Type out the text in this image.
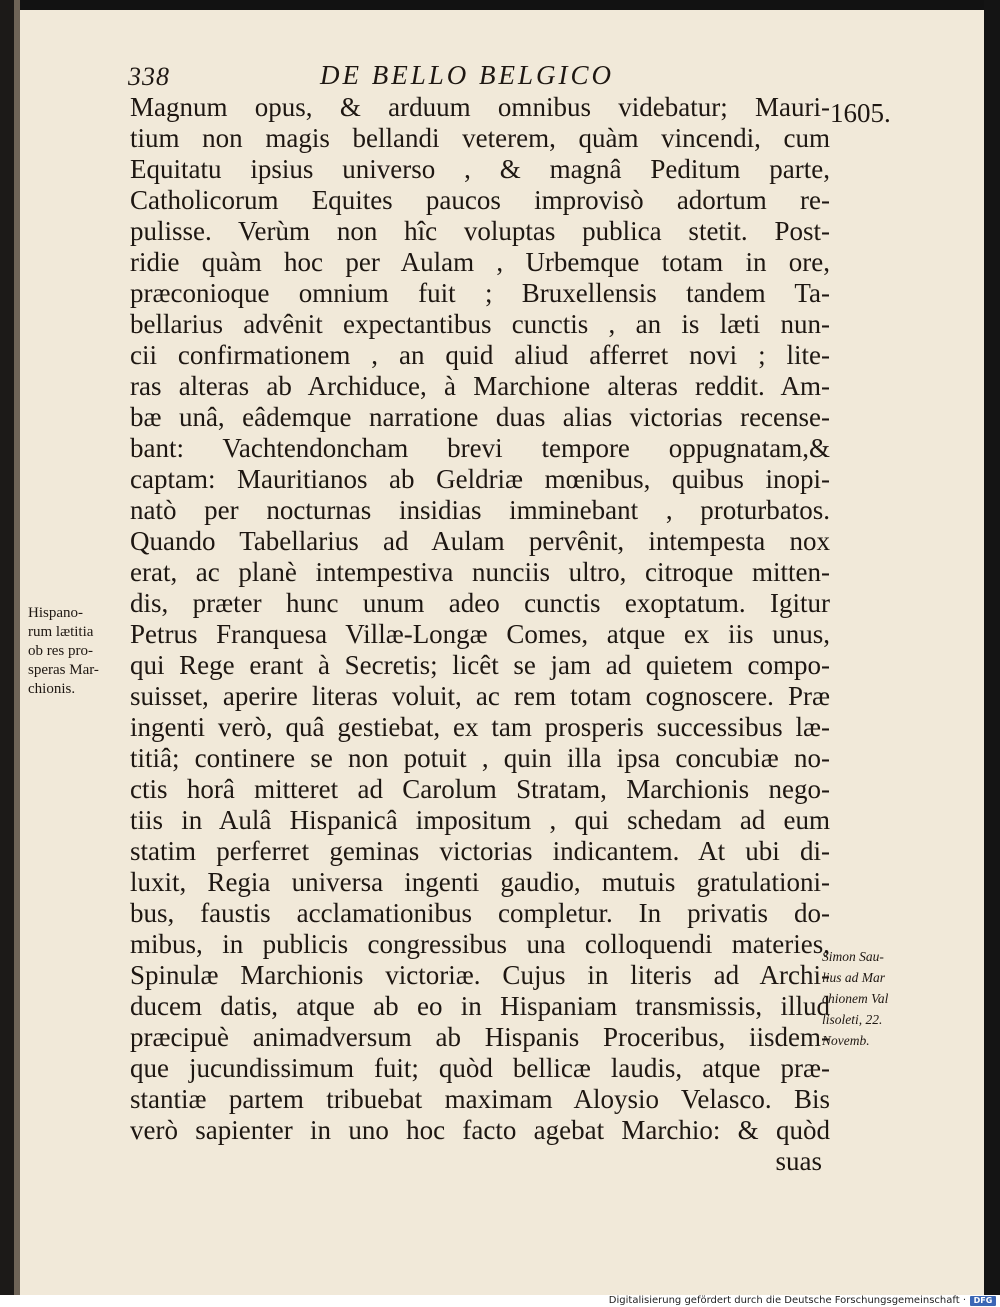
338	DE BELLO BELGICO
1605.
Magnum opus, & arduum omnibus videbatur; Mauri-
tium non magis bellandi veterem, quàm vincendi, cum
Equitatu ipsius universo , & magnâ Peditum parte,
Catholicorum Equites paucos improvisò adortum re-
pulisse. Verùm non hîc voluptas publica stetit. Post-
ridie quàm hoc per Aulam , Urbemque totam in ore,
præconioque omnium fuit ; Bruxellensis tandem Ta-
bellarius advênit expectantibus cunctis , an is læti nun-
cii confirmationem , an quid aliud afferret novi ; lite-
ras alteras ab Archiduce, à Marchione alteras reddit. Am-
bæ unâ, eâdemque narratione duas alias victorias recense-
bant: Vachtendoncham brevi tempore oppugnatam,&
captam: Mauritianos ab Geldriæ mœnibus, quibus inopi-
natò per nocturnas insidias imminebant , proturbatos.
Quando Tabellarius ad Aulam pervênit, intempesta nox
erat, ac planè intempestiva nunciis ultro, citroque mitten-
dis, præter hunc unum adeo cunctis exoptatum. Igitur
Petrus Franquesa Villæ-Longæ Comes, atque ex iis unus,
qui Rege erant à Secretis; licêt se jam ad quietem compo-
suisset, aperire literas voluit, ac rem totam cognoscere. Præ
ingenti verò, quâ gestiebat, ex tam prosperis successibus læ-
titiâ; continere se non potuit , quin illa ipsa concubiæ no-
ctis horâ mitteret ad Carolum Stratam, Marchionis nego-
tiis in Aulâ Hispanicâ impositum , qui schedam ad eum
statim perferret geminas victorias indicantem. At ubi di-
luxit, Regia universa ingenti gaudio, mutuis gratulationi-
bus, faustis acclamationibus completur. In privatis do-
mibus, in publicis congressibus una colloquendi materies,
Spinulæ Marchionis victoriæ. Cujus in literis ad Archi-
ducem datis, atque ab eo in Hispaniam transmissis, illud
præcipuè animadversum ab Hispanis Proceribus, iisdem-
que jucundissimum fuit; quòd bellicæ laudis, atque præ-
stantiæ partem tribuebat maximam Aloysio Velasco. Bis
verò sapienter in uno hoc facto agebat Marchio: & quòd
suas
Hispano-
rum lætitia
ob res pro-
speras Mar-
chionis.
Simon Sau-
lius ad Mar
chionem Val
lisoleti, 22.
Novemb.
Digitalisierung gefördert durch die Deutsche Forschungsgemeinschaft · DFG
